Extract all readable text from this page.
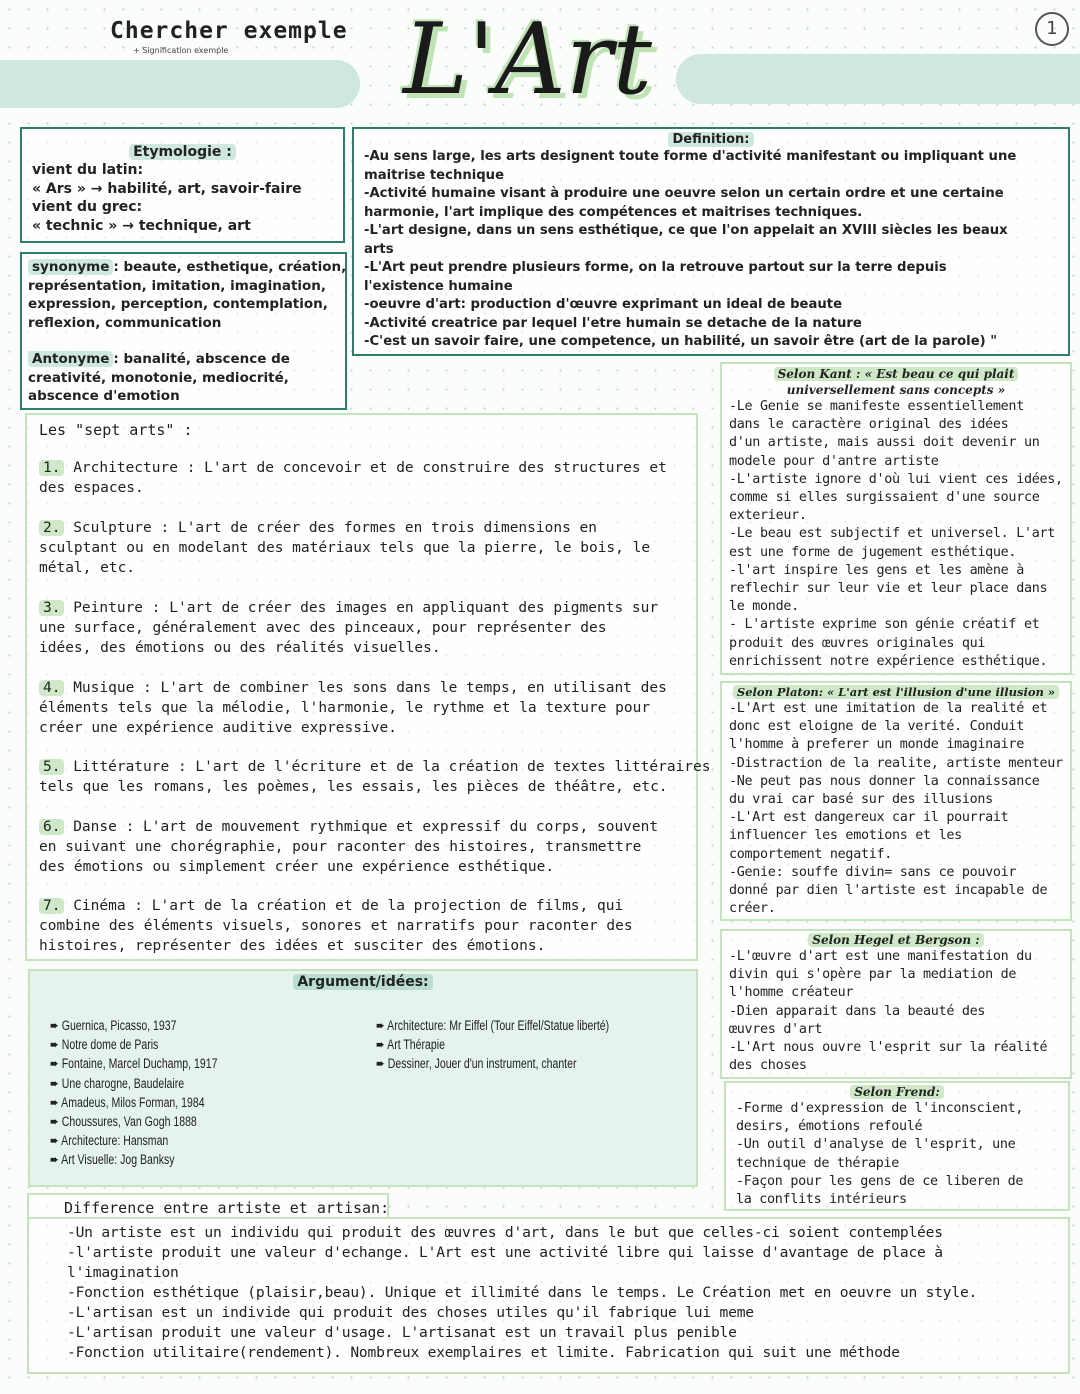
Chercher exemple
+ Signification exemple L'Art	1
Etymologie :
vient du latin:
« Ars » → habilité, art, savoir-faire
vient du grec:
« technic » → technique, art
synonyme : beaute, esthetique, création,
représentation, imitation, imagination,
expression, perception, contemplation,
reflexion, communication
Antonyme : banalité, abscence de
creativité, monotonie, mediocrité,
abscence d'emotion
Definition:
-Au sens large, les arts designent toute forme d'activité manifestant ou impliquant une
maitrise technique
-Activité humaine visant à produire une oeuvre selon un certain ordre et une certaine
harmonie, l'art implique des compétences et maitrises techniques.
-L'art designe, dans un sens esthétique, ce que l'on appelait an XVIII siècles les beaux
arts
-L'Art peut prendre plusieurs forme, on la retrouve partout sur la terre depuis
l'existence humaine
-oeuvre d'art: production d'œuvre exprimant un ideal de beaute
-Activité creatrice par lequel l'etre humain se detache de la nature
-C'est un savoir faire, une competence, un habilité, un savoir être (art de la parole) "
Les "sept arts" :
1. Architecture : L'art de concevoir et de construire des structures et
des espaces.
2. Sculpture : L'art de créer des formes en trois dimensions en
sculptant ou en modelant des matériaux tels que la pierre, le bois, le
métal, etc.
3. Peinture : L'art de créer des images en appliquant des pigments sur
une surface, généralement avec des pinceaux, pour représenter des
idées, des émotions ou des réalités visuelles.
4. Musique : L'art de combiner les sons dans le temps, en utilisant des
éléments tels que la mélodie, l'harmonie, le rythme et la texture pour
créer une expérience auditive expressive.
5. Littérature : L'art de l'écriture et de la création de textes littéraires
tels que les romans, les poèmes, les essais, les pièces de théâtre, etc.
6. Danse : L'art de mouvement rythmique et expressif du corps, souvent
en suivant une chorégraphie, pour raconter des histoires, transmettre
des émotions ou simplement créer une expérience esthétique.
7. Cinéma : L'art de la création et de la projection de films, qui
combine des éléments visuels, sonores et narratifs pour raconter des
histoires, représenter des idées et susciter des émotions.
Argument/idées:
➨ Guernica, Picasso, 1937
➨ Notre dome de Paris
➨ Fontaine, Marcel Duchamp, 1917
➨ Une charogne, Baudelaire
➨ Amadeus, Milos Forman, 1984
➨ Choussures, Van Gogh 1888
➨ Architecture: Hansman
➨ Art Visuelle: Jog Banksy
➨ Architecture: Mr Eiffel (Tour Eiffel/Statue liberté)
➨ Art Thérapie
➨ Dessiner, Jouer d'un instrument, chanter
Selon Kant : « Est beau ce qui plait
universellement sans concepts »
-Le Genie se manifeste essentiellement
dans le caractère original des idées
d'un artiste, mais aussi doit devenir un
modele pour d'antre artiste
-L'artiste ignore d'où lui vient ces idées,
comme si elles surgissaient d'une source
exterieur.
-Le beau est subjectif et universel. L'art
est une forme de jugement esthétique.
-l'art inspire les gens et les amène à
reflechir sur leur vie et leur place dans
le monde.
- L'artiste exprime son génie créatif et
produit des œuvres originales qui
enrichissent notre expérience esthétique.
Selon Platon: « L'art est l'illusion d'une illusion »
-L'Art est une imitation de la realité et
donc est eloigne de la verité. Conduit
l'homme à preferer un monde imaginaire
-Distraction de la realite, artiste menteur
-Ne peut pas nous donner la connaissance
du vrai car basé sur des illusions
-L'Art est dangereux car il pourrait
influencer les emotions et les
comportement negatif.
-Genie: souffe divin= sans ce pouvoir
donné par dien l'artiste est incapable de
créer.
Selon Hegel et Bergson :
-L'œuvre d'art est une manifestation du
divin qui s'opère par la mediation de
l'homme créateur
-Dien apparait dans la beauté des
œuvres d'art
-L'Art nous ouvre l'esprit sur la réalité
des choses
Selon Frend:
-Forme d'expression de l'inconscient,
desirs, émotions refoulé
-Un outil d'analyse de l'esprit, une
technique de thérapie
-Façon pour les gens de ce liberen de
la conflits intérieurs
Difference entre artiste et artisan:
-Un artiste est un individu qui produit des œuvres d'art, dans le but que celles-ci soient contemplées
-l'artiste produit une valeur d'echange. L'Art est une activité libre qui laisse d'avantage de place à
l'imagination
-Fonction esthétique (plaisir,beau). Unique et illimité dans le temps. Le Création met en oeuvre un style.
-L'artisan est un individe qui produit des choses utiles qu'il fabrique lui meme
-L'artisan produit une valeur d'usage. L'artisanat est un travail plus penible
-Fonction utilitaire(rendement). Nombreux exemplaires et limite. Fabrication qui suit une méthode
